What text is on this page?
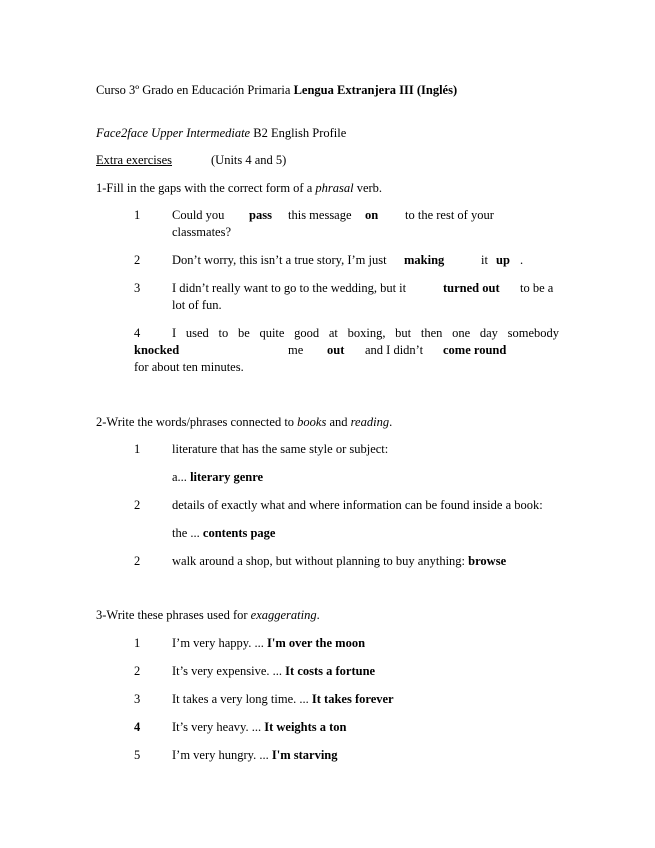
Curso 3º Grado en Educación Primaria Lengua Extranjera III (Inglés)
Face2face Upper Intermediate B2 English Profile
Extra exercises	(Units 4 and 5)
1-Fill in the gaps with the correct form of a phrasal verb.
1	Could you pass this message on to the rest of your
classmates?
2	Don’t worry, this isn’t a true story, I’m just making	it up .
3	I didn’t really want to go to the wedding, but it	turned out to be a
lot of fun.
4	I  used  to  be  quite  good  at  boxing,  but  then  one  day  somebody
knocked	me out and I didn’t come round
for about ten minutes.
2-Write the words/phrases connected to books and reading.
1	literature that has the same style or subject:
a... literary genre
2	details of exactly what and where information can be found inside a book:
the ... contents page
2	walk around a shop, but without planning to buy anything: browse
3-Write these phrases used for exaggerating.
1	I’m very happy. ... I'm over the moon
2	It’s very expensive. ... It costs a fortune
3	It takes a very long time. ... It takes forever
4	It’s very heavy. ... It weights a ton
5	I’m very hungry. ... I'm starving
